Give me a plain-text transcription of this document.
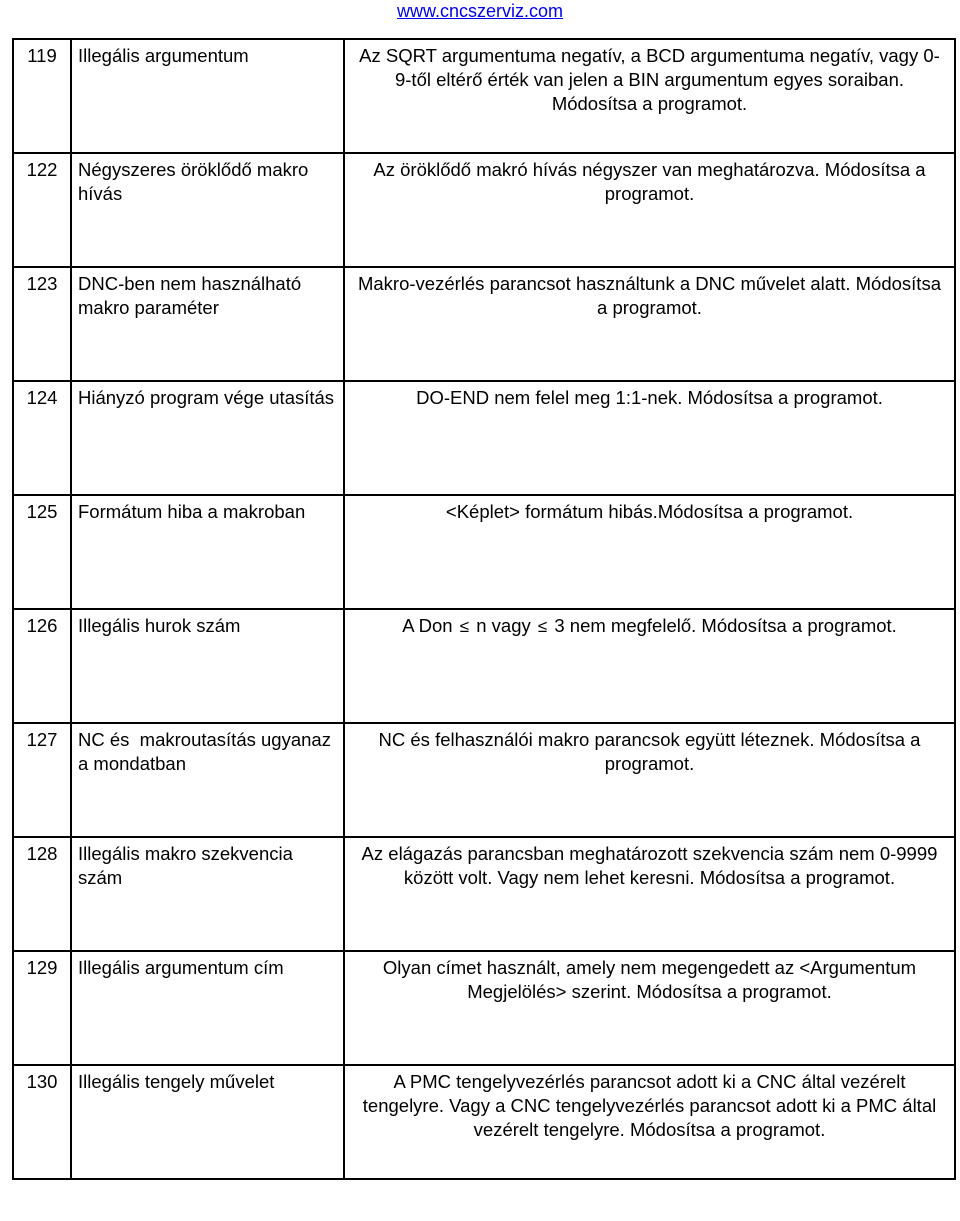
www.cncszerviz.com
119	Illegális argumentum	Az SQRT argumentuma negatív, a BCD argumentuma negatív, vagy 0-9-től eltérő érték van jelen a BIN argumentum egyes soraiban. Módosítsa a programot.
122	Négyszeres öröklődő makro hívás	Az öröklődő makró hívás négyszer van meghatározva. Módosítsa a programot.
123	DNC-ben nem használható makro paraméter	Makro-vezérlés parancsot használtunk a DNC művelet alatt. Módosítsa a programot.
124	Hiányzó program vége utasítás	DO-END nem felel meg 1:1-nek. Módosítsa a programot.
125	Formátum hiba a makroban	<Képlet> formátum hibás.Módosítsa a programot.
126	Illegális hurok szám	A Don ≤ n vagy ≤ 3 nem megfelelő. Módosítsa a programot.
127	NC és  makroutasítás ugyanaz  a mondatban	NC és felhasználói makro parancsok együtt léteznek. Módosítsa a programot.
128	Illegális makro szekvencia szám	Az elágazás parancsban meghatározott szekvencia szám nem 0-9999 között volt. Vagy nem lehet keresni. Módosítsa a programot.
129	Illegális argumentum cím	Olyan címet használt, amely nem megengedett az <Argumentum Megjelölés> szerint. Módosítsa a programot.
130	Illegális tengely művelet	A PMC tengelyvezérlés parancsot adott ki a CNC által vezérelt tengelyre. Vagy a CNC tengelyvezérlés parancsot adott ki a PMC által vezérelt tengelyre. Módosítsa a programot.
